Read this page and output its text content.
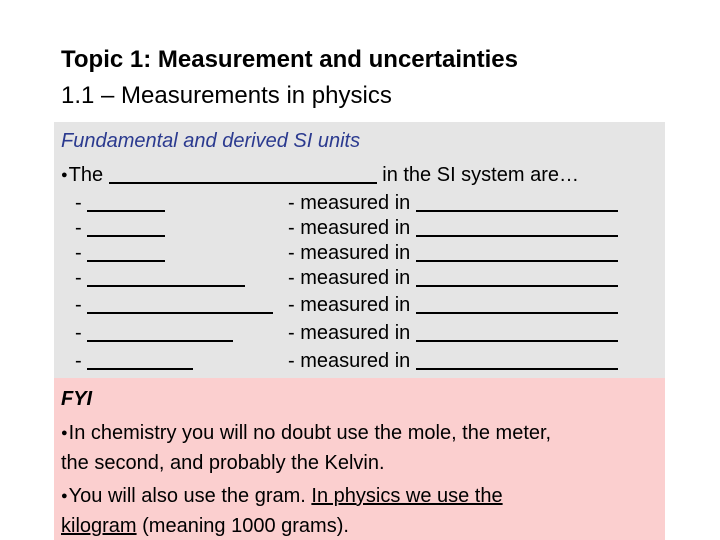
Topic 1: Measurement and uncertainties
1.1 – Measurements in physics
Fundamental and derived SI units
●The	in the SI system are…
-
-
-
-
-
-
-
- measured in
- measured in
- measured in
- measured in
- measured in
- measured in
- measured in
FYI
●In chemistry you will no doubt use the mole, the meter,
the second, and probably the Kelvin.
●You will also use the gram. In physics we use the
kilogram (meaning 1000 grams).
